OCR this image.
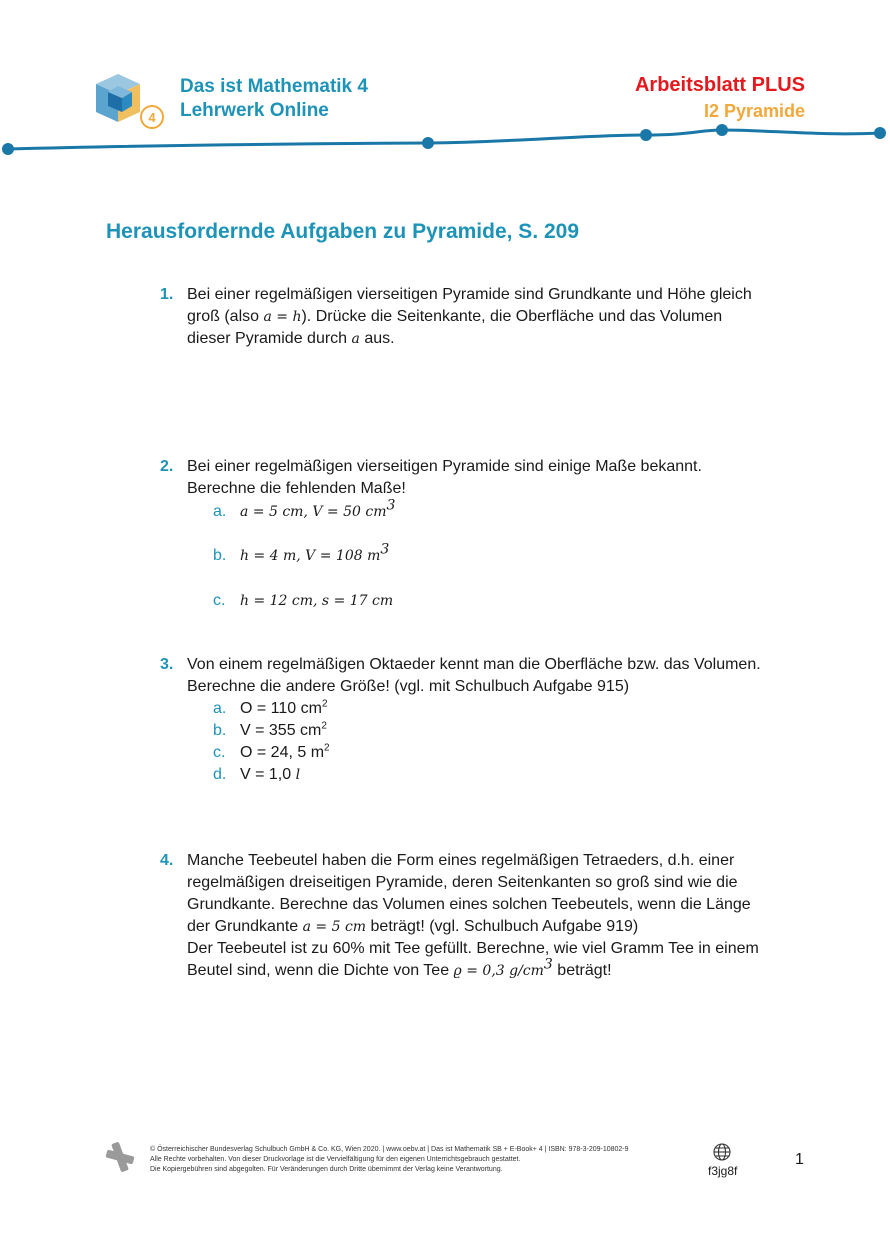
4
Das ist Mathematik 4
Lehrwerk Online
Arbeitsblatt PLUS
I2 Pyramide
Herausfordernde Aufgaben zu Pyramide, S. 209
1. Bei einer regelmäßigen vierseitigen Pyramide sind Grundkante und Höhe gleich
groß (also a = h). Drücke die Seitenkante, die Oberfläche und das Volumen
dieser Pyramide durch a aus.
2. Bei einer regelmäßigen vierseitigen Pyramide sind einige Maße bekannt.
Berechne die fehlenden Maße!
a. a = 5 cm, V = 50 $cm^3$
b. h = 4 m, V = 108 $m^3$
c. h = 12 cm, s = 17 cm
3. Von einem regelmäßigen Oktaeder kennt man die Oberfläche bzw. das Volumen.
Berechne die andere Größe! (vgl. mit Schulbuch Aufgabe 915)
a. O = 110 $cm^2$
b. V = 355 $cm^2$
c. O = 24, 5 $m^2$
d. V = 1,0 l
4. Manche Teebeutel haben die Form eines regelmäßigen Tetraeders, d.h. einer
regelmäßigen dreiseitigen Pyramide, deren Seitenkanten so groß sind wie die
Grundkante. Berechne das Volumen eines solchen Teebeutels, wenn die Länge
der Grundkante a = 5 cm beträgt! (vgl. Schulbuch Aufgabe 919)
Der Teebeutel ist zu 60% mit Tee gefüllt. Berechne, wie viel Gramm Tee in einem
Beutel sind, wenn die Dichte von Tee ϱ = 0,3 $g/cm^3$ beträgt!
© Österreichischer Bundesverlag Schulbuch GmbH & Co. KG, Wien 2020. | www.oebv.at | Das ist Mathematik SB + E-Book+ 4 | ISBN: 978-3-209-10802-9
Alle Rechte vorbehalten. Von dieser Druckvorlage ist die Vervielfältigung für den eigenen Unterrichtsgebrauch gestattet.
Die Kopiergebühren sind abgegolten. Für Veränderungen durch Dritte übernimmt der Verlag keine Verantwortung.	f3jg8f
1
